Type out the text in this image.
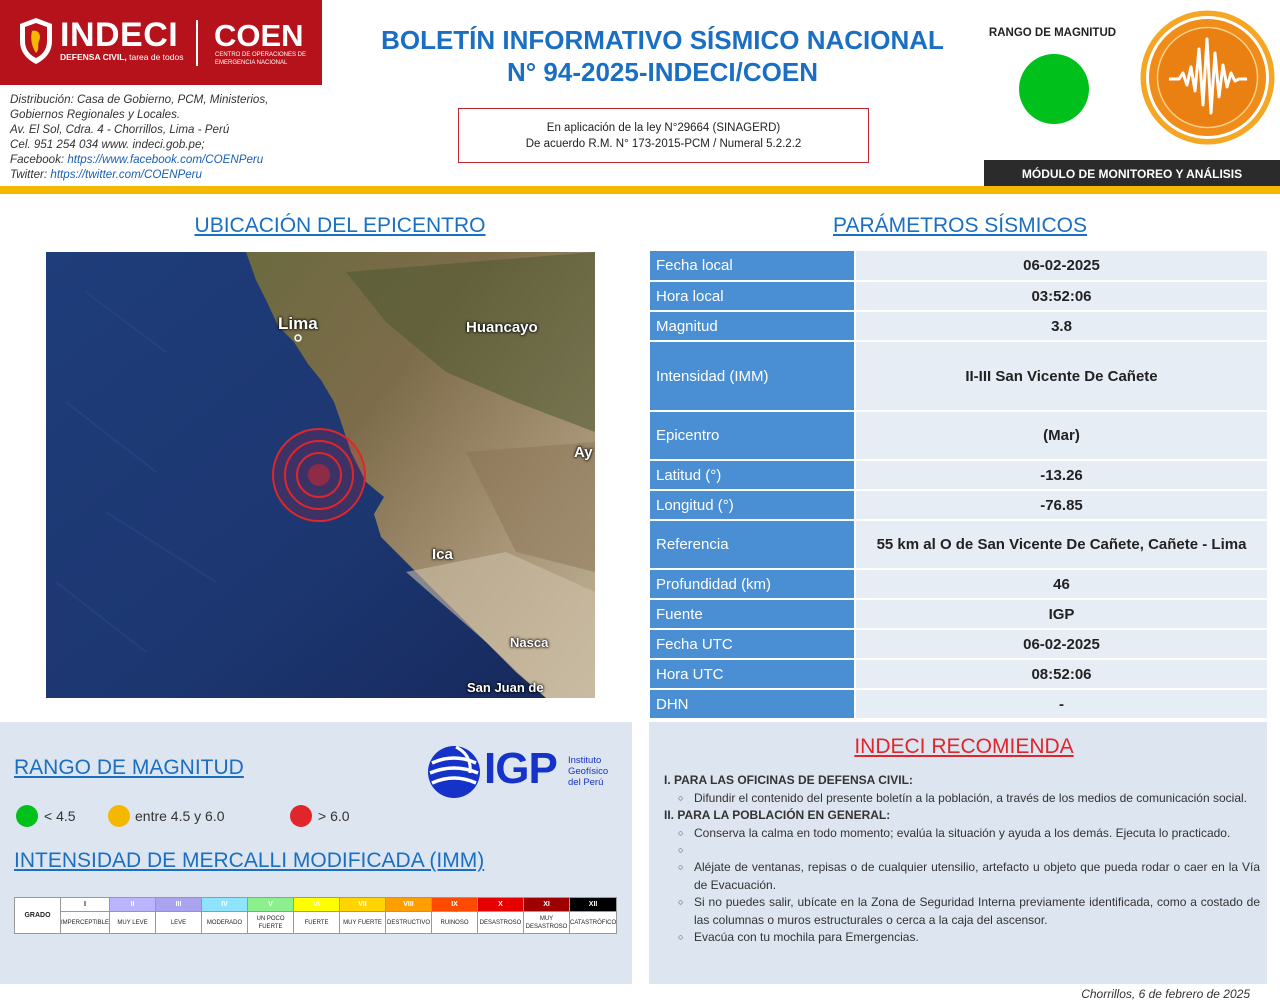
INDECI
DEFENSA CIVIL, tarea de todos
COEN
CENTRO DE OPERACIONES DE EMERGENCIA NACIONAL
Distribución: Casa de Gobierno, PCM, Ministerios,
Gobiernos Regionales y Locales.
Av. El Sol, Cdra. 4 - Chorrillos, Lima - Perú
Cel. 951 254 034 www. indeci.gob.pe;
Facebook: https://www.facebook.com/COENPeru
Twitter: https://twitter.com/COENPeru
BOLETÍN INFORMATIVO SÍSMICO NACIONAL
N° 94-2025-INDECI/COEN
En aplicación de la ley N°29664 (SINAGERD)
De acuerdo R.M. N° 173-2015-PCM / Numeral 5.2.2.2
RANGO DE MAGNITUD
MÓDULO DE MONITOREO Y ANÁLISIS
UBICACIÓN DEL EPICENTRO	PARÁMETROS SÍSMICOS
Lima	Huancayo
Ay
Ica
Nasca
San Juan de
Fecha local	06-02-2025
Hora local	03:52:06
Magnitud	3.8
Intensidad (IMM)	II-III San Vicente De Cañete
Epicentro	(Mar)
Latitud (°)	-13.26
Longitud (°)	-76.85
Referencia	55 km al O de San Vicente De Cañete, Cañete - Lima
Profundidad (km)	46
Fuente	IGP
Fecha UTC	06-02-2025
Hora UTC	08:52:06
DHN	-
RANGO DE MAGNITUD
< 4.5	entre 4.5 y 6.0	> 6.0
IGP Instituto
Geofísico
del Perú
INTENSIDAD DE MERCALLI MODIFICADA (IMM)
GRADO	I	II	III	IV	V	VI	VII	VIII	IX	X	XI	XII
	IMPERCEPTIBLE	MUY LEVE	LEVE	MODERADO	UN POCO FUERTE	FUERTE	MUY FUERTE	DESTRUCTIVO	RUINOSO	DESASTROSO	MUY DESASTROSO	CATASTRÓFICO
INDECI RECOMIENDA
I. PARA LAS OFICINAS DE DEFENSA CIVIL:
○ Difundir el contenido del presente boletín a la población, a través de los medios de comunicación social.
II. PARA LA POBLACIÓN EN GENERAL:
○ Conserva la calma en todo momento; evalúa la situación y ayuda a los demás. Ejecuta lo practicado.
○
○ Aléjate de ventanas, repisas o de cualquier utensilio, artefacto u objeto que pueda rodar o caer en la Vía de Evacuación.
○ Si no puedes salir, ubícate en la Zona de Seguridad Interna previamente identificada, como a costado de las columnas o muros estructurales o cerca a la caja del ascensor.
○ Evacúa con tu mochila para Emergencias.
Chorrillos, 6 de febrero de 2025
